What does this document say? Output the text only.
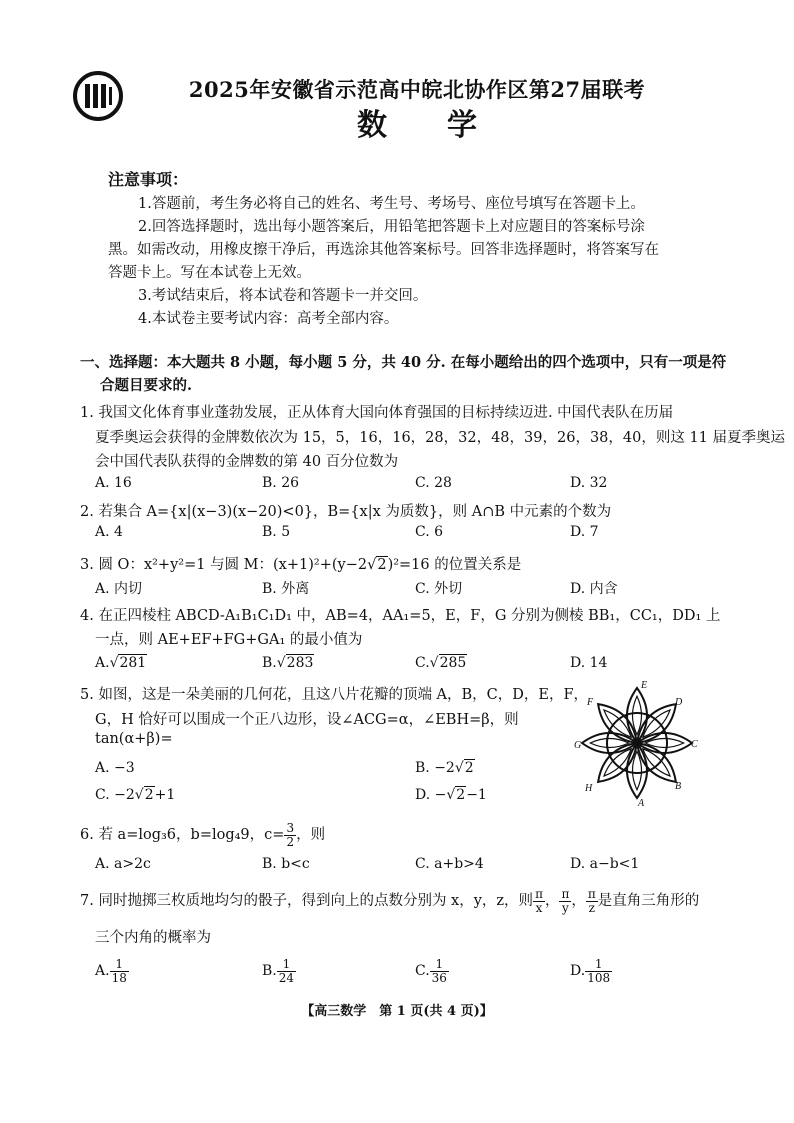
2025年安徽省示范高中皖北协作区第27届联考
数学
注意事项：
1.答题前，考生务必将自己的姓名、考生号、考场号、座位号填写在答题卡上。
2.回答选择题时，选出每小题答案后，用铅笔把答题卡上对应题目的答案标号涂
黑。如需改动，用橡皮擦干净后，再选涂其他答案标号。回答非选择题时，将答案写在
答题卡上。写在本试卷上无效。
3.考试结束后，将本试卷和答题卡一并交回。
4.本试卷主要考试内容：高考全部内容。
一、选择题：本大题共 8 小题，每小题 5 分，共 40 分. 在每小题给出的四个选项中，只有一项是符
合题目要求的.
1. 我国文化体育事业蓬勃发展，正从体育大国向体育强国的目标持续迈进. 中国代表队在历届
夏季奥运会获得的金牌数依次为 15，5，16，16，28，32，48，39，26，38，40，则这 11 届夏季奥运
会中国代表队获得的金牌数的第 40 百分位数为
A. 16	B. 26	C. 28	D. 32
2. 若集合 A={x|(x−3)(x−20)<0}，B={x|x 为质数}，则 A∩B 中元素的个数为
A. 4	B. 5	C. 6	D. 7
3. 圆 O：x²+y²=1 与圆 M：(x+1)²+(y−2√2)²=16 的位置关系是
A. 内切	B. 外离	C. 外切	D. 内含
4. 在正四棱柱 ABCD-A₁B₁C₁D₁ 中，AB=4，AA₁=5，E，F，G 分别为侧棱 BB₁，CC₁，DD₁ 上
一点，则 AE+EF+FG+GA₁ 的最小值为
A.√281	B.√283	C.√285	D. 14
5. 如图，这是一朵美丽的几何花，且这八片花瓣的顶端 A，B，C，D，E，F，
G，H 恰好可以围成一个正八边形，设∠ACG=α，∠EBH=β，则
tan(α+β)=
A. −3	B. −2√2
C. −2√2+1	D. −√2−1
E
D
C
B
A
H
G
F
6. 若 a=log₃6，b=log₄9，$c= \frac{3}{2}$ ，则
A. a>2c	B. b<c	C. a+b>4	D. a−b<1
7. 同时抛掷三枚质地均匀的骰子，得到向上的点数分别为 x，y，z，则 $\frac{\pi}{x}$ ， $\frac{\pi}{y}$ ， $\frac{\pi}{z}$ 是直角三角形的
三个内角的概率为
A. $\frac{1}{18}$	B. $\frac{1}{24}$	C. $\frac{1}{36}$	D. $\frac{1}{108}$
【高三数学　第 1 页(共 4 页)】
